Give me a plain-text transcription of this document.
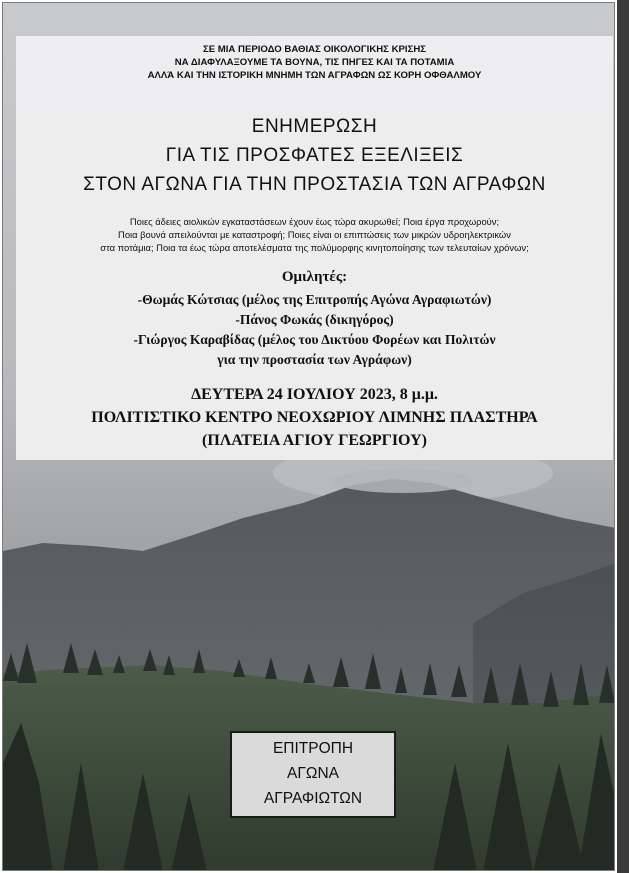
ΣΕ ΜΙΑ ΠΕΡΙΟΔΟ ΒΑΘΙΑΣ ΟΙΚΟΛΟΓΙΚΗΣ ΚΡΙΣΗΣ
ΝΑ ΔΙΑΦΥΛΑΞΟΥΜΕ ΤΑ ΒΟΥΝΑ, ΤΙΣ ΠΗΓΕΣ ΚΑΙ ΤΑ ΠΟΤΑΜΙΑ
ΑΛΛΆ ΚΑΙ ΤΗΝ ΙΣΤΟΡΙΚΗ ΜΝΗΜΗ ΤΩΝ ΑΓΡΑΦΩΝ ΩΣ ΚΟΡΗ ΟΦΘΑΛΜΟΥ
ΕΝΗΜΕΡΩΣΗ
ΓΙΑ ΤΙΣ ΠΡΟΣΦΑΤΕΣ ΕΞΕΛΙΞΕΙΣ
ΣΤΟΝ ΑΓΩΝΑ ΓΙΑ ΤΗΝ ΠΡΟΣΤΑΣΙΑ ΤΩΝ ΑΓΡΑΦΩΝ
Ποιες άδειες αιολικών εγκαταστάσεων έχουν έως τώρα ακυρωθεί; Ποια έργα προχωρούν;
Ποια βουνά απειλούνται με καταστροφή; Ποιες είναι οι επιπτώσεις των μικρών υδροηλεκτρικών
στα ποτάμια; Ποια τα έως τώρα αποτελέσματα της πολύμορφης κινητοποίησης των τελευταίων χρόνων;
Ομιλητές:
-Θωμάς Κώτσιας (μέλος της Επιτροπής Αγώνα Αγραφιωτών)
-Πάνος Φωκάς (δικηγόρος)
-Γιώργος Καραβίδας (μέλος του Δικτύου Φορέων και Πολιτών
για την προστασία των Αγράφων)
ΔΕΥΤΕΡΑ 24 ΙΟΥΛΙΟΥ 2023, 8 μ.μ.
ΠΟΛΙΤΙΣΤΙΚΟ ΚΕΝΤΡΟ ΝΕΟΧΩΡΙΟΥ ΛΙΜΝΗΣ ΠΛΑΣΤΗΡΑ
(ΠΛΑΤΕΙΑ ΑΓΙΟΥ ΓΕΩΡΓΙΟΥ)
ΕΠΙΤΡΟΠΗ
ΑΓΩΝΑ
ΑΓΡΑΦΙΩΤΩΝ
